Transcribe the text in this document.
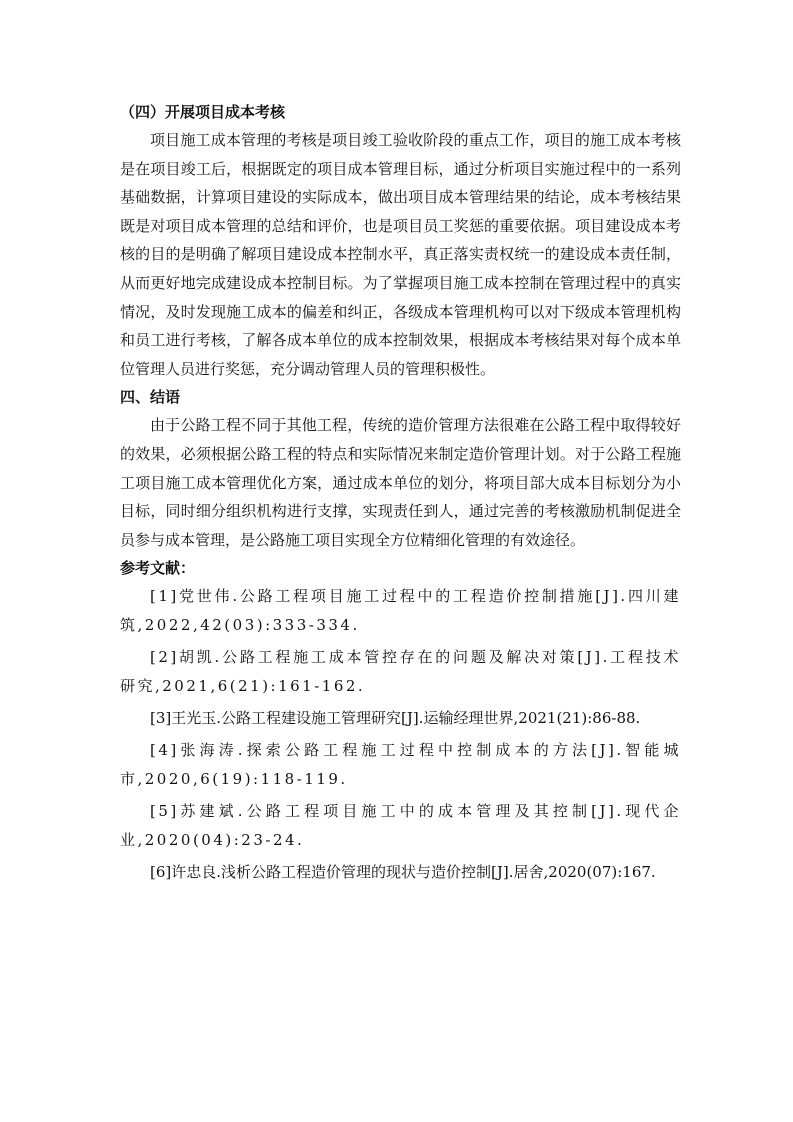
（四）开展项目成本考核

项目施工成本管理的考核是项目竣工验收阶段的重点工作，项目的施工成本考核是在项目竣工后，根据既定的项目成本管理目标，通过分析项目实施过程中的一系列基础数据，计算项目建设的实际成本，做出项目成本管理结果的结论，成本考核结果既是对项目成本管理的总结和评价，也是项目员工奖惩的重要依据。项目建设成本考核的目的是明确了解项目建设成本控制水平，真正落实责权统一的建设成本责任制，从而更好地完成建设成本控制目标。为了掌握项目施工成本控制在管理过程中的真实情况，及时发现施工成本的偏差和纠正，各级成本管理机构可以对下级成本管理机构和员工进行考核，了解各成本单位的成本控制效果，根据成本考核结果对每个成本单位管理人员进行奖惩，充分调动管理人员的管理积极性。

四、结语

由于公路工程不同于其他工程，传统的造价管理方法很难在公路工程中取得较好的效果，必须根据公路工程的特点和实际情况来制定造价管理计划。对于公路工程施工项目施工成本管理优化方案，通过成本单位的划分，将项目部大成本目标划分为小目标，同时细分组织机构进行支撑，实现责任到人，通过完善的考核激励机制促进全员参与成本管理，是公路施工项目实现全方位精细化管理的有效途径。

参考文献：

[1]党世伟.公路工程项目施工过程中的工程造价控制措施[J].四川建筑,2022,42(03):333-334.

[2]胡凯.公路工程施工成本管控存在的问题及解决对策[J].工程技术研究,2021,6(21):161-162.

[3]王光玉.公路工程建设施工管理研究[J].运输经理世界,2021(21):86-88.

[4]张海涛.探索公路工程施工过程中控制成本的方法[J].智能城市,2020,6(19):118-119.

[5]苏建斌.公路工程项目施工中的成本管理及其控制[J].现代企业,2020(04):23-24.

[6]许忠良.浅析公路工程造价管理的现状与造价控制[J].居舍,2020(07):167.
